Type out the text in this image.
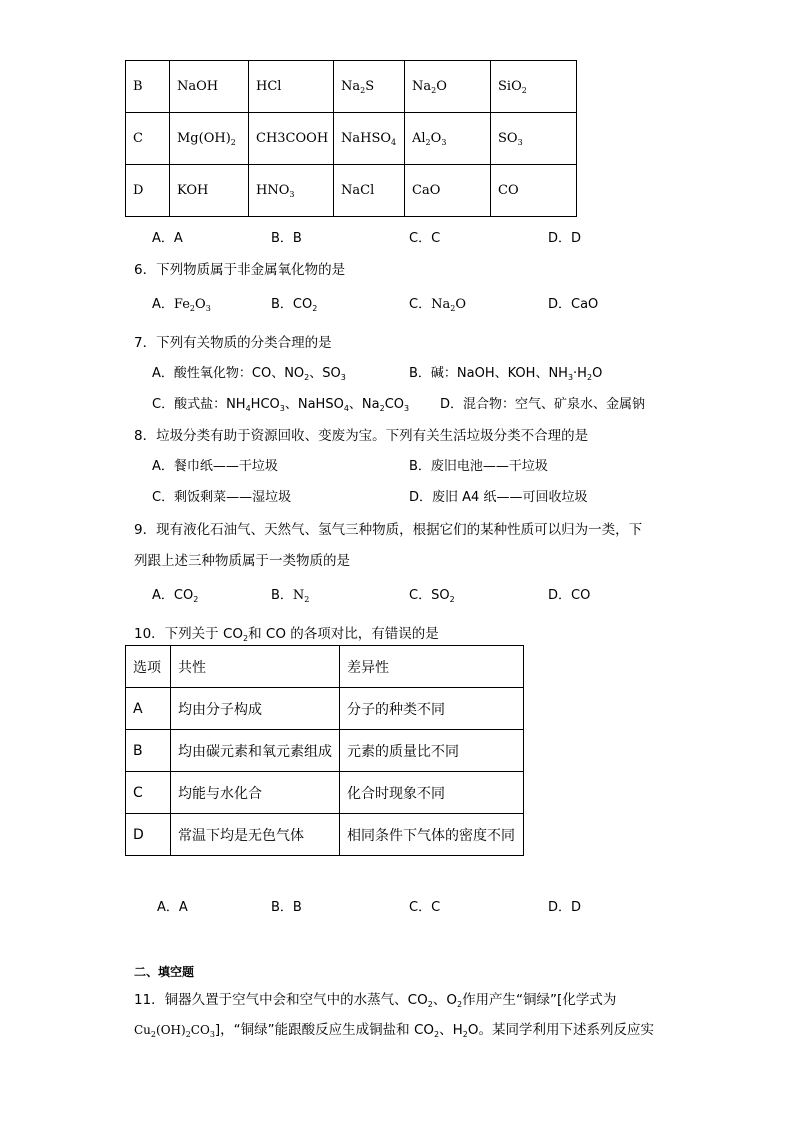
B	NaOH	HCl	$Na_2S$	$Na_2O$	SiO$_2$
C	$Mg(OH)_2$	CH3COOH	NaHSO$_4$	$Al_2O_3$	$SO_3$
D	KOH	$HNO_3$	NaCl	CaO	CO
A．A	B．B	C．C	D．D
6．下列物质属于非金属氧化物的是
A．$Fe_2O_3$	B．$CO_2$	C．$Na_2O$	D．CaO
7．下列有关物质的分类合理的是
A．酸性氧化物：CO、$NO_2$、$SO_3$	B．碱：NaOH、KOH、$NH_3\cdot H_2O$
C．酸式盐：$NH_4HCO_3$、NaHSO$_4$、$Na_2CO_3$ D．混合物：空气、矿泉水、金属钠
8．垃圾分类有助于资源回收、变废为宝。下列有关生活垃圾分类不合理的是
A．餐巾纸——干垃圾	B．废旧电池——干垃圾
C．剩饭剩菜——湿垃圾	D．废旧 A4 纸——可回收垃圾
9．现有液化石油气、天然气、氢气三种物质，根据它们的某种性质可以归为一类，下
列跟上述三种物质属于一类物质的是
A．$CO_2$	B．$N_2$	C．$SO_2$	D．CO
10．下列关于 $CO_2$和 CO 的各项对比，有错误的是
选项	共性	差异性
A	均由分子构成	分子的种类不同
B	均由碳元素和氧元素组成	元素的质量比不同
C	均能与水化合	化合时现象不同
D	常温下均是无色气体	相同条件下气体的密度不同
A．A	B．B	C．C	D．D
二、填空题
11．铜器久置于空气中会和空气中的水蒸气、$CO_2$、$O_2$作用产生“铜绿”[化学式为
$Cu_2(OH)_2CO_3$]，“铜绿”能跟酸反应生成铜盐和 $CO_2$、$H_2O$。某同学利用下述系列反应实
